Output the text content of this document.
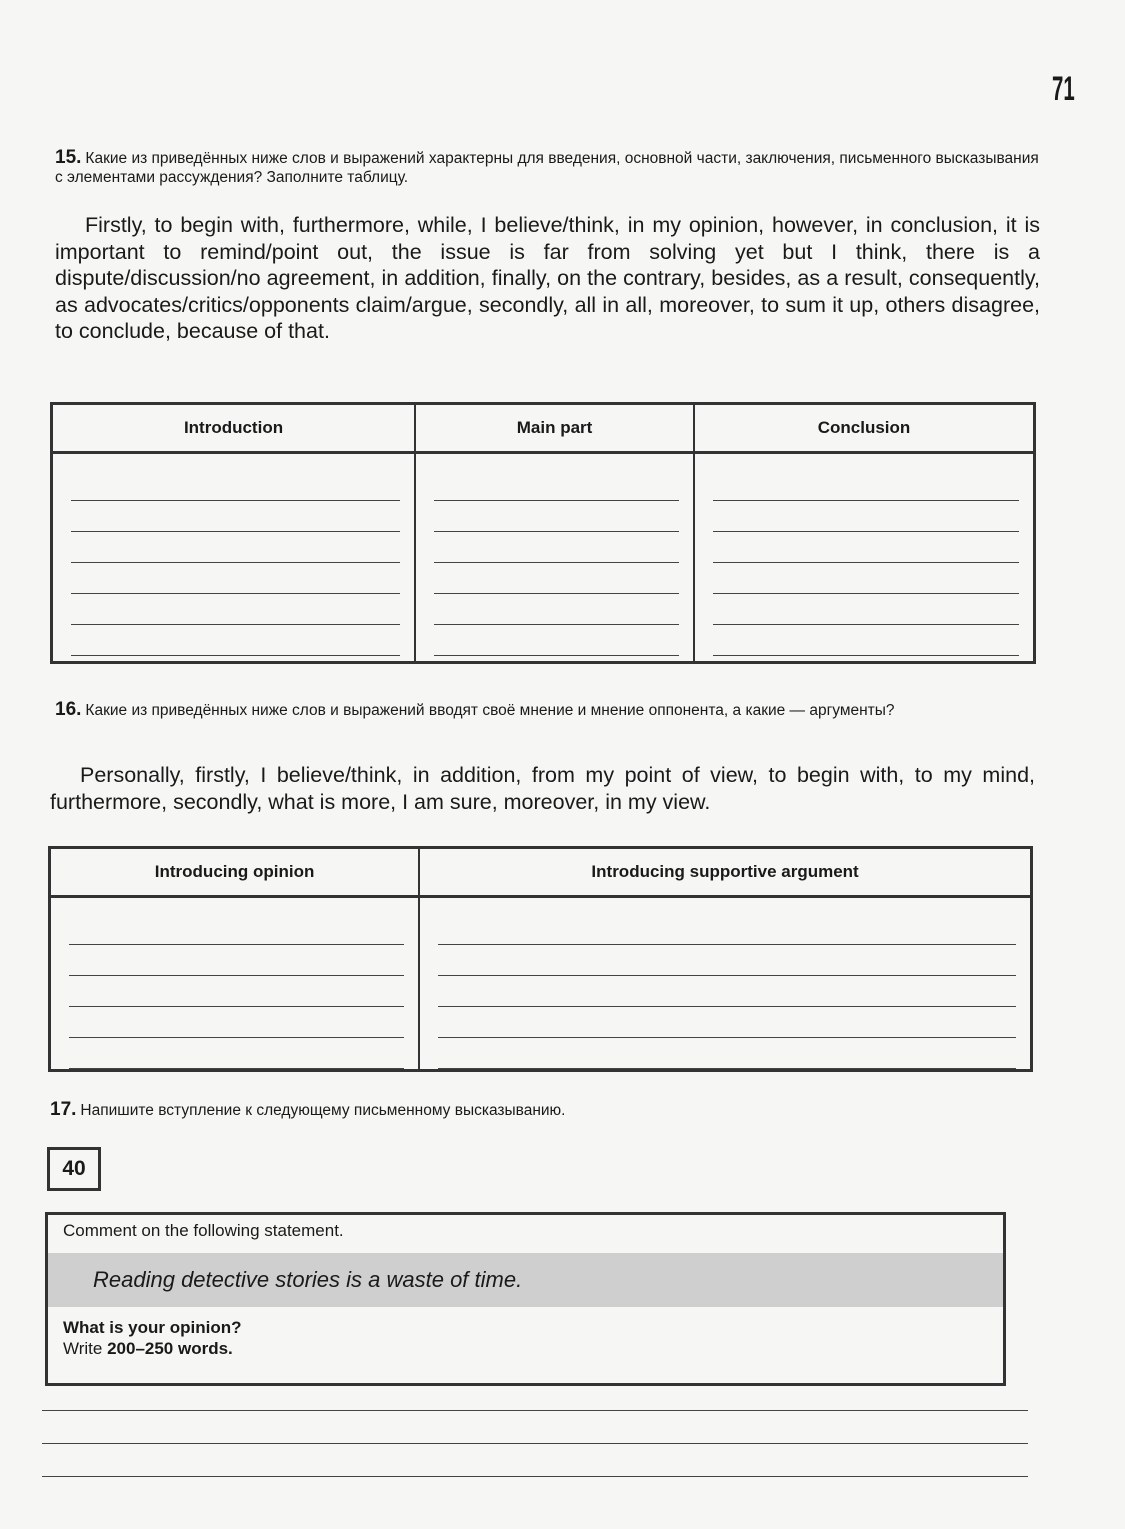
71
15. Какие из приведённых ниже слов и выражений характерны для введения, основной части, заключения, письменного высказывания с элементами рассуждения? Заполните таблицу.
Firstly, to begin with, furthermore, while, I believe/think, in my opinion, however, in conclusion, it is important to remind/point out, the issue is far from solving yet but I think, there is a dispute/discussion/no agreement, in addition, finally, on the contrary, besides, as a result, consequently, as advocates/critics/opponents claim/argue, secondly, all in all, moreover, to sum it up, others disagree, to conclude, because of that.
Introduction	Main part	Conclusion

16. Какие из приведённых ниже слов и выражений вводят своё мнение и мнение оппонента, а какие — аргументы?
Personally, firstly, I believe/think, in addition, from my point of view, to begin with, to my mind, furthermore, secondly, what is more, I am sure, moreover, in my view.
Introducing opinion	Introducing supportive argument

17. Напишите вступление к следующему письменному высказыванию.
40
Comment on the following statement.
Reading detective stories is a waste of time.
What is your opinion?
Write 200–250 words.
